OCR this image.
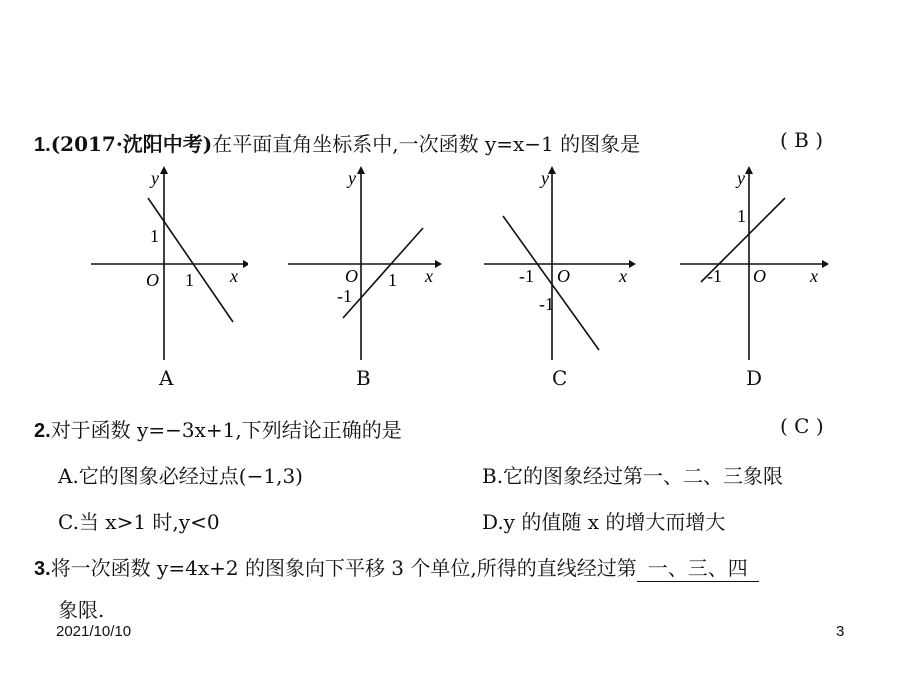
1.(2017·沈阳中考)在平面直角坐标系中,一次函数 y=x−1 的图象是	( B )
y
x
O
1
1
A
y
x
O
-1
1
B
y
x
O
-1
-1
C
y
x
O
1
-1
D
2.对于函数 y=−3x+1,下列结论正确的是	( C )
A.它的图象必经过点(−1,3)	B.它的图象经过第一、二、三象限
C.当 x>1 时,y<0	D.y 的值随 x 的增大而增大
3.将一次函数 y=4x+2 的图象向下平移 3 个单位,所得的直线经过第 一、三、四
象限.
2021/10/10	3
